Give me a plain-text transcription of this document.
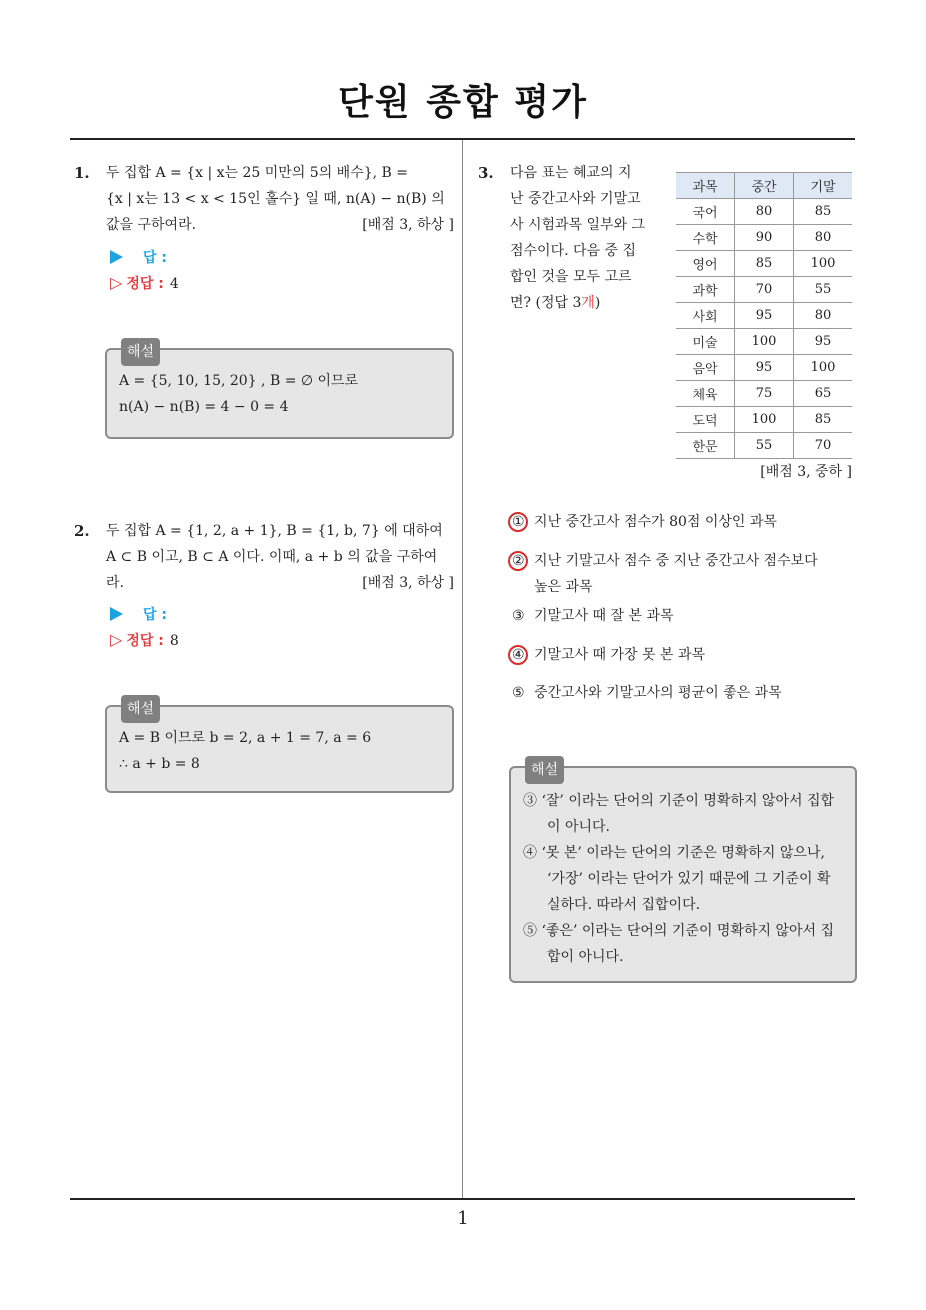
단원 종합 평가
1. 두 집합 A = {x | x는 25 미만의 5의 배수}, B =
{x | x는 13 < x < 15인 홀수} 일 때, n(A) − n(B) 의
값을 구하여라.	[배점 3, 하상 ]
답 :
▷ 정답 : 4
해설
A = {5, 10, 15, 20} , B = ∅ 이므로
n(A) − n(B) = 4 − 0 = 4
2. 두 집합 A = {1, 2, a + 1}, B = {1, b, 7} 에 대하여
A ⊂ B 이고, B ⊂ A 이다. 이때, a + b 의 값을 구하여
라.	[배점 3, 하상 ]
답 :
▷ 정답 : 8
해설
A = B 이므로 b = 2, a + 1 = 7, a = 6
∴ a + b = 8
3. 다음 표는 혜교의 지
난 중간고사와 기말고
사 시험과목 일부와 그
점수이다. 다음 중 집
합인 것을 모두 고르
면? (정답 3개)
과목	중간	기말
국어	80	85
수학	90	80
영어	85	100
과학	70	55
사회	95	80
미술	100	95
음악	95	100
체육	75	65
도덕	100	85
한문	55	70
[배점 3, 중하 ]
① 지난 중간고사 점수가 80점 이상인 과목
② 지난 기말고사 점수 중 지난 중간고사 점수보다
높은 과목
③ 기말고사 때 잘 본 과목
④ 기말고사 때 가장 못 본 과목
⑤ 중간고사와 기말고사의 평균이 좋은 과목
해설
③ ‘잘’ 이라는 단어의 기준이 명확하지 않아서 집합이 아니다.
④ ‘못 본’ 이라는 단어의 기준은 명확하지 않으나, ‘가장’ 이라는 단어가 있기 때문에 그 기준이 확실하다. 따라서 집합이다.
⑤ ‘좋은’ 이라는 단어의 기준이 명확하지 않아서 집합이 아니다.
1
